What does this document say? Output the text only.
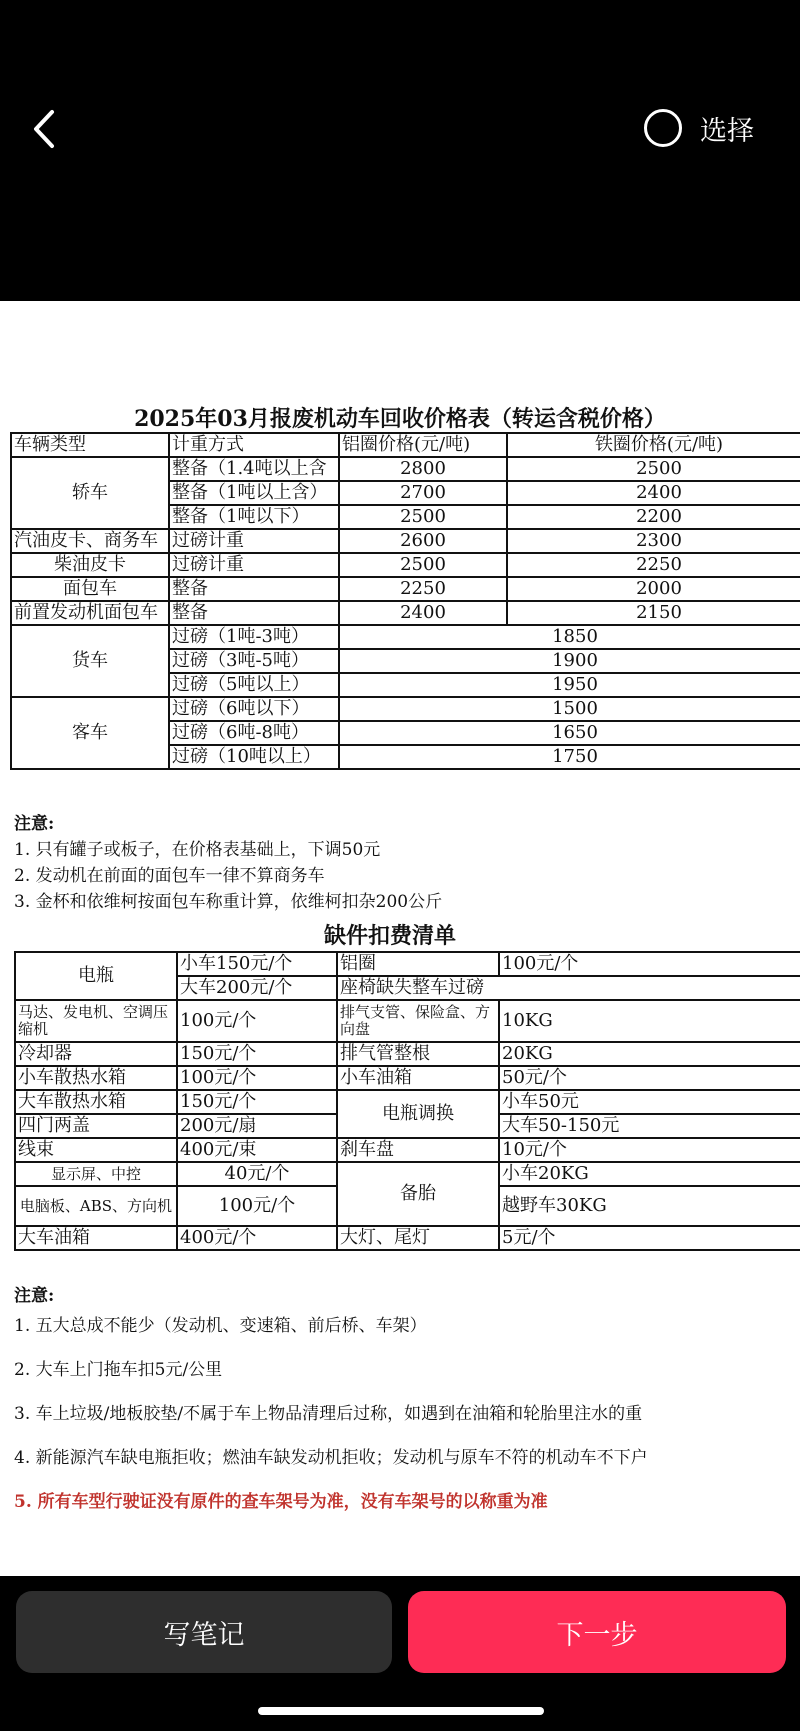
选择
2025年03月报废机动车回收价格表（转运含税价格）
车辆类型	计重方式	铝圈价格(元/吨)	铁圈价格(元/吨)
轿车	整备（1.4吨以上含	2800	2500
	整备（1吨以上含）	2700	2400
	整备（1吨以下）	2500	2200
汽油皮卡、商务车	过磅计重	2600	2300
柴油皮卡	过磅计重	2500	2250
面包车	整备	2250	2000
前置发动机面包车	整备	2400	2150
货车	过磅（1吨-3吨）	1850	
	过磅（3吨-5吨）	1900	
	过磅（5吨以上）	1950	
客车	过磅（6吨以下）	1500	
	过磅（6吨-8吨）	1650	
	过磅（10吨以上）	1750	
注意:
1. 只有罐子或板子，在价格表基础上，下调50元
2. 发动机在前面的面包车一律不算商务车
3. 金杯和依维柯按面包车称重计算，依维柯扣杂200公斤
缺件扣费清单
电瓶	小车150元/个	铝圈	100元/个
	大车200元/个	座椅缺失整车过磅	
马达、发电机、空调压缩机	100元/个	排气支管、保险盒、方向盘	10KG
冷却器	150元/个	排气管整根	20KG
小车散热水箱	100元/个	小车油箱	50元/个
大车散热水箱	150元/个	电瓶调换	小车50元
四门两盖	200元/扇		大车50-150元
线束	400元/束	刹车盘	10元/个
显示屏、中控	40元/个	备胎	小车20KG
电脑板、ABS、方向机	100元/个		越野车30KG
大车油箱	400元/个	大灯、尾灯	5元/个
注意:
1. 五大总成不能少（发动机、变速箱、前后桥、车架）
2. 大车上门拖车扣5元/公里
3. 车上垃圾/地板胶垫/不属于车上物品清理后过称，如遇到在油箱和轮胎里注水的重
4. 新能源汽车缺电瓶拒收；燃油车缺发动机拒收；发动机与原车不符的机动车不下户
5. 所有车型行驶证没有原件的查车架号为准，没有车架号的以称重为准
写笔记	下一步
